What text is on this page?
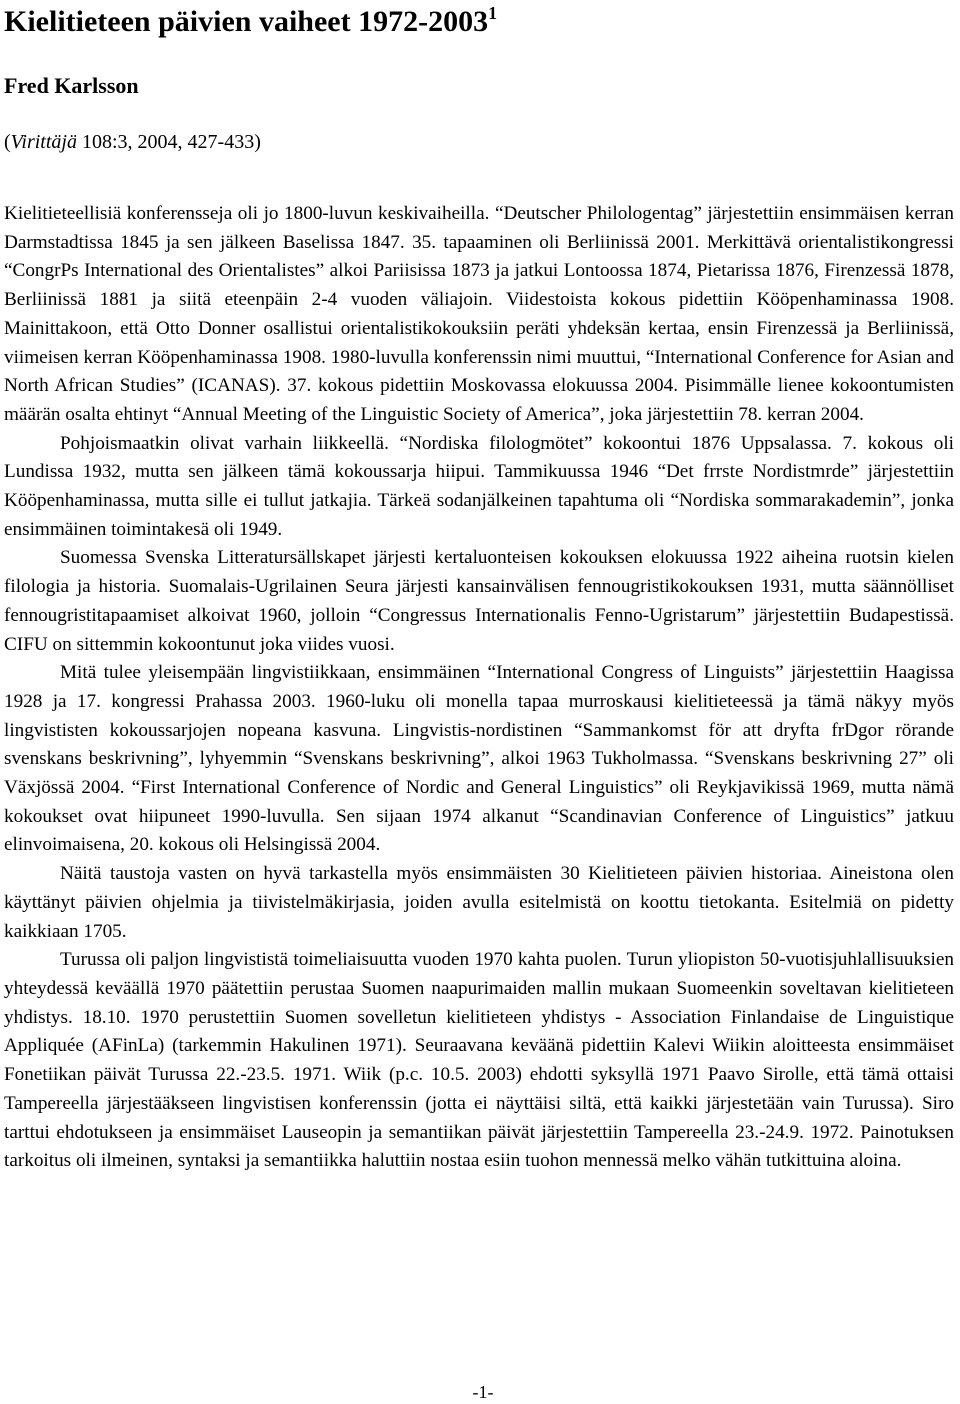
Kielitieteen päivien vaiheet 1972-2003$^1$
Fred Karlsson
(Virittäjä 108:3, 2004, 427-433)

Kielitieteellisiä konferensseja oli jo 1800-luvun keskivaiheilla. “Deutscher Philologentag” järjestettiin ensimmäisen kerran Darmstadtissa 1845 ja sen jälkeen Baselissa 1847. 35. tapaaminen oli Berliinissä 2001. Merkittävä orientalistikongressi “CongrPs International des Orientalistes” alkoi Pariisissa 1873 ja jatkui Lontoossa 1874, Pietarissa 1876, Firenzessä 1878, Berliinissä 1881 ja siitä eteenpäin 2-4 vuoden väliajoin. Viidestoista kokous pidettiin Kööpenhaminassa 1908. Mainittakoon, että Otto Donner osallistui orientalistikokouksiin peräti yhdeksän kertaa, ensin Firenzessä ja Berliinissä, viimeisen kerran Kööpenhaminassa 1908. 1980-luvulla konferenssin nimi muuttui, “International Conference for Asian and North African Studies” (ICANAS). 37. kokous pidettiin Moskovassa elokuussa 2004. Pisimmälle lienee kokoontumisten määrän osalta ehtinyt “Annual Meeting of the Linguistic Society of America”, joka järjestettiin 78. kerran 2004.

Pohjoismaatkin olivat varhain liikkeellä. “Nordiska filologmötet” kokoontui 1876 Uppsalassa. 7. kokous oli Lundissa 1932, mutta sen jälkeen tämä kokoussarja hiipui. Tammikuussa 1946 “Det frrste Nordistmrde” järjestettiin Kööpenhaminassa, mutta sille ei tullut jatkajia. Tärkeä sodanjälkeinen tapahtuma oli “Nordiska sommarakademin”, jonka ensimmäinen toimintakesä oli 1949.

Suomessa Svenska Litteratursällskapet järjesti kertaluonteisen kokouksen elokuussa 1922 aiheina ruotsin kielen filologia ja historia. Suomalais-Ugrilainen Seura järjesti kansainvälisen fennougristikokouksen 1931, mutta säännölliset fennougristitapaamiset alkoivat 1960, jolloin “Congressus Internationalis Fenno-Ugristarum” järjestettiin Budapestissä. CIFU on sittemmin kokoontunut joka viides vuosi.

Mitä tulee yleisempään lingvistiikkaan, ensimmäinen “International Congress of Linguists” järjestettiin Haagissa 1928 ja 17. kongressi Prahassa 2003. 1960-luku oli monella tapaa murroskausi kielitieteessä ja tämä näkyy myös lingvististen kokoussarjojen nopeana kasvuna. Lingvistis-nordistinen “Sammankomst för att dryfta frDgor rörande svenskans beskrivning”, lyhyemmin “Svenskans beskrivning”, alkoi 1963 Tukholmassa. “Svenskans beskrivning 27” oli Växjössä 2004. “First International Conference of Nordic and General Linguistics” oli Reykjavikissä 1969, mutta nämä kokoukset ovat hiipuneet 1990-luvulla. Sen sijaan 1974 alkanut “Scandinavian Conference of Linguistics” jatkuu elinvoimaisena, 20. kokous oli Helsingissä 2004.

Näitä taustoja vasten on hyvä tarkastella myös ensimmäisten 30 Kielitieteen päivien historiaa. Aineistona olen käyttänyt päivien ohjelmia ja tiivistelmäkirjasia, joiden avulla esitelmistä on koottu tietokanta. Esitelmiä on pidetty kaikkiaan 1705.

Turussa oli paljon lingvististä toimeliaisuutta vuoden 1970 kahta puolen. Turun yliopiston 50-vuotisjuhlallisuuksien yhteydessä keväällä 1970 päätettiin perustaa Suomen naapurimaiden mallin mukaan Suomeenkin soveltavan kielitieteen yhdistys. 18.10. 1970 perustettiin Suomen sovelletun kielitieteen yhdistys - Association Finlandaise de Linguistique Appliquée (AFinLa) (tarkemmin Hakulinen 1971). Seuraavana keväänä pidettiin Kalevi Wiikin aloitteesta ensimmäiset Fonetiikan päivät Turussa 22.-23.5. 1971. Wiik (p.c. 10.5. 2003) ehdotti syksyllä 1971 Paavo Sirolle, että tämä ottaisi Tampereella järjestääkseen lingvistisen konferenssin (jotta ei näyttäisi siltä, että kaikki järjestetään vain Turussa). Siro tarttui ehdotukseen ja ensimmäiset Lauseopin ja semantiikan päivät järjestettiin Tampereella 23.-24.9. 1972. Painotuksen tarkoitus oli ilmeinen, syntaksi ja semantiikka haluttiin nostaa esiin tuohon mennessä melko vähän tutkittuina aloina.

-1-
